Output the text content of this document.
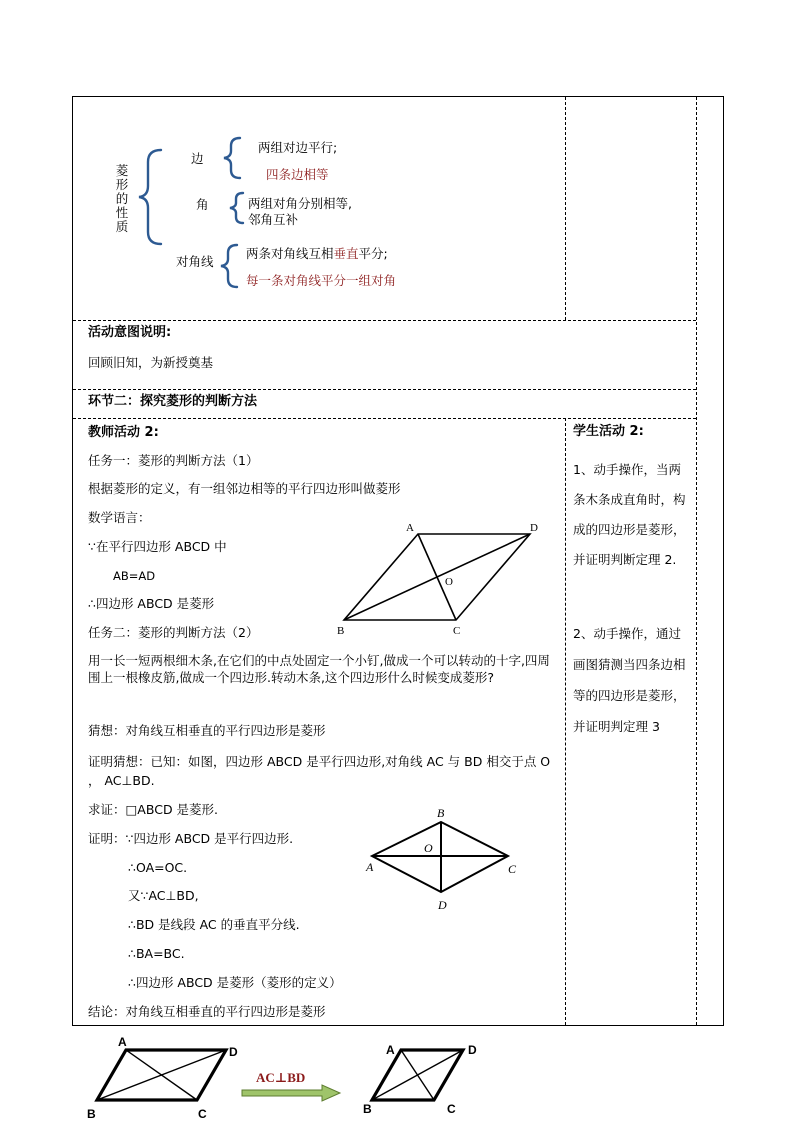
菱形的性质
边
两组对边平行;
四条边相等
角	两组对角分别相等,
邻角互补
对角线
两条对角线互相垂直平分;
每一条对角线平分一组对角
活动意图说明:
回顾旧知，为新授奠基
环节二：探究菱形的判断方法
教师活动 2:
任务一：菱形的判断方法（1）
根据菱形的定义，有一组邻边相等的平行四边形叫做菱形
数学语言：
∵在平行四边形 ABCD 中
AB=AD
∴四边形 ABCD 是菱形
任务二：菱形的判断方法（2）
用一长一短两根细木条,在它们的中点处固定一个小钉,做成一个可以转动的十字,四周围上一根橡皮筋,做成一个四边形.转动木条,这个四边形什么时候变成菱形?
猜想：对角线互相垂直的平行四边形是菱形
证明猜想：已知：如图，四边形 ABCD 是平行四边形,对角线 AC 与 BD 相交于点 O ， AC⊥BD.
求证：□ABCD 是菱形.
证明：∵四边形 ABCD 是平行四边形.
∴OA=OC.
又∵AC⊥BD,
∴BD 是线段 AC 的垂直平分线.
∴BA=BC.
∴四边形 ABCD 是菱形（菱形的定义）
结论：对角线互相垂直的平行四边形是菱形
学生活动 2:
1、动手操作，当两条木条成直角时，构成的四边形是菱形，并证明判断定理 2.
2、动手操作，通过画图猜测当四条边相等的四边形是菱形，并证明判定理 3
A	D
O
B	C
B
O
A	C
D
A
D
B	C
AC⊥BD
A	D
B	C
